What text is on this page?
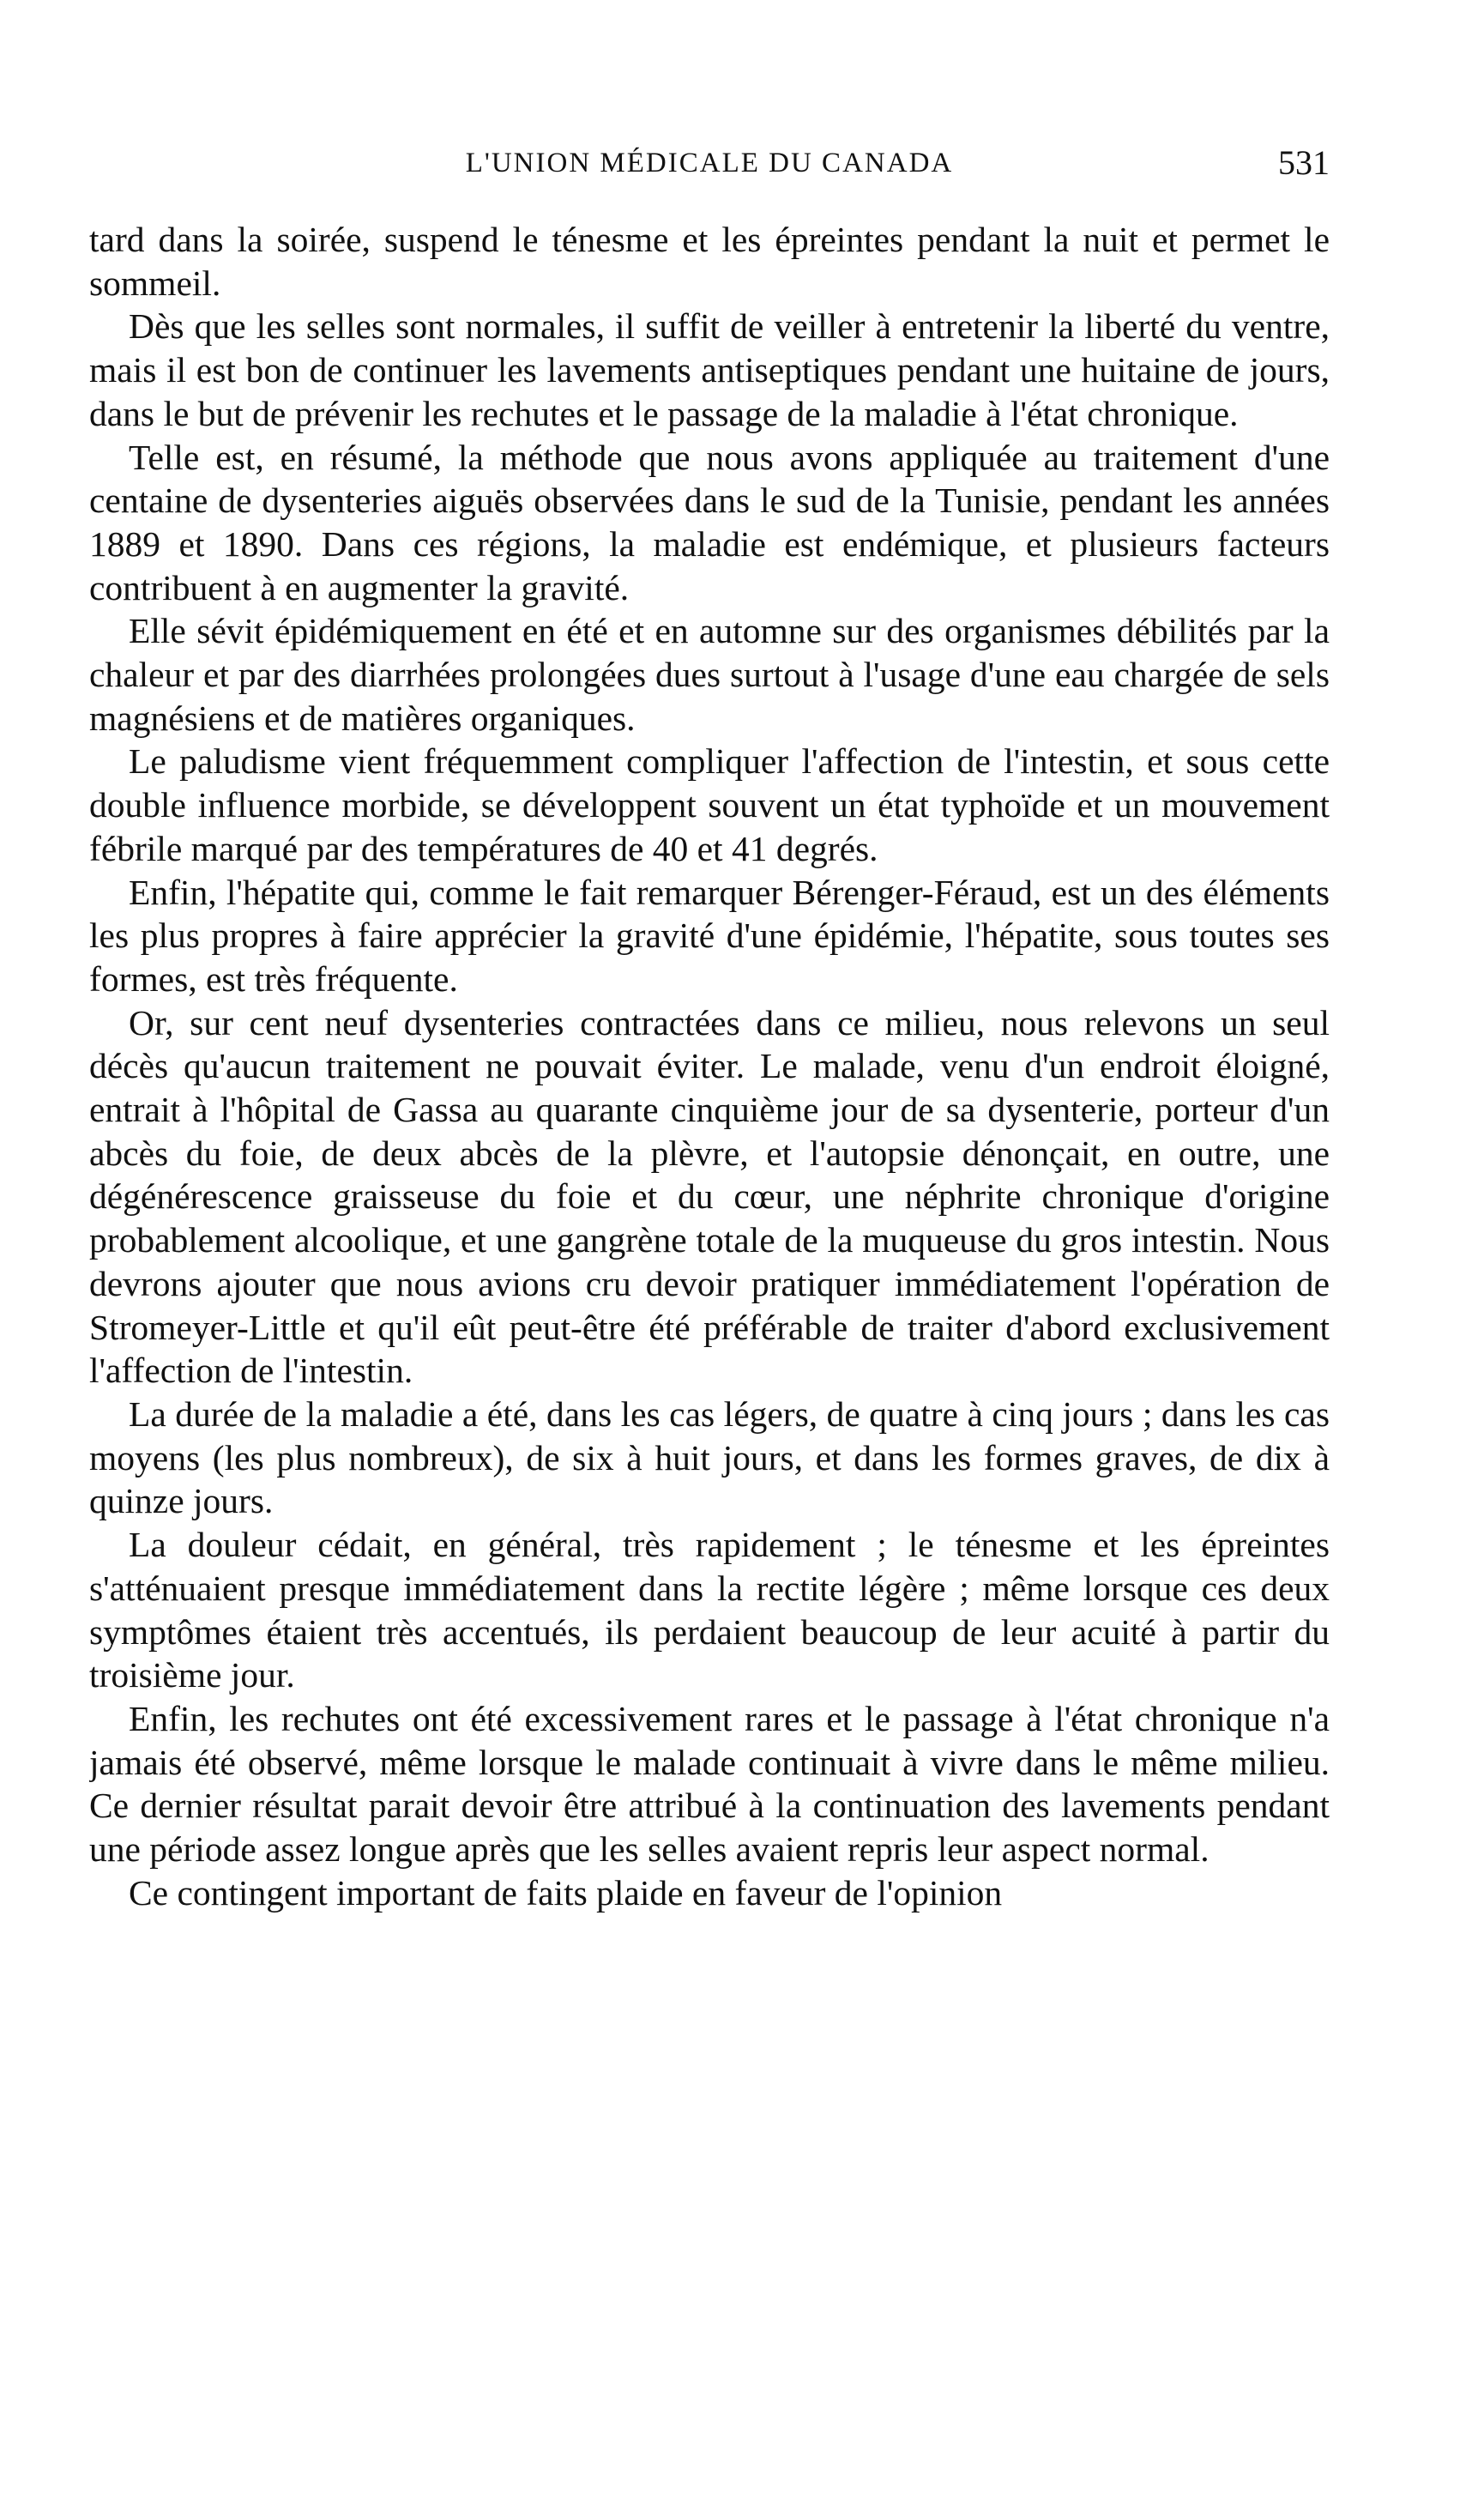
L'UNION MÉDICALE DU CANADA	531

tard dans la soirée, suspend le ténesme et les épreintes pendant la nuit et permet le sommeil.

Dès que les selles sont normales, il suffit de veiller à entretenir la liberté du ventre, mais il est bon de continuer les lavements antiseptiques pendant une huitaine de jours, dans le but de prévenir les rechutes et le passage de la maladie à l'état chronique.

Telle est, en résumé, la méthode que nous avons appliquée au traitement d'une centaine de dysenteries aiguës observées dans le sud de la Tunisie, pendant les années 1889 et 1890. Dans ces régions, la maladie est endémique, et plusieurs facteurs contribuent à en augmenter la gravité.

Elle sévit épidémiquement en été et en automne sur des organismes débilités par la chaleur et par des diarrhées prolongées dues surtout à l'usage d'une eau chargée de sels magnésiens et de matières organiques.

Le paludisme vient fréquemment compliquer l'affection de l'intestin, et sous cette double influence morbide, se développent souvent un état typhoïde et un mouvement fébrile marqué par des températures de 40 et 41 degrés.

Enfin, l'hépatite qui, comme le fait remarquer Bérenger-Féraud, est un des éléments les plus propres à faire apprécier la gravité d'une épidémie, l'hépatite, sous toutes ses formes, est très fréquente.

Or, sur cent neuf dysenteries contractées dans ce milieu, nous relevons un seul décès qu'aucun traitement ne pouvait éviter. Le malade, venu d'un endroit éloigné, entrait à l'hôpital de Gassa au quarante cinquième jour de sa dysenterie, porteur d'un abcès du foie, de deux abcès de la plèvre, et l'autopsie dénonçait, en outre, une dégénérescence graisseuse du foie et du cœur, une néphrite chronique d'origine probablement alcoolique, et une gangrène totale de la muqueuse du gros intestin. Nous devrons ajouter que nous avions cru devoir pratiquer immédiatement l'opération de Stromeyer-Little et qu'il eût peut-être été préférable de traiter d'abord exclusivement l'affection de l'intestin.

La durée de la maladie a été, dans les cas légers, de quatre à cinq jours ; dans les cas moyens (les plus nombreux), de six à huit jours, et dans les formes graves, de dix à quinze jours.

La douleur cédait, en général, très rapidement ; le ténesme et les épreintes s'atténuaient presque immédiatement dans la rectite légère ; même lorsque ces deux symptômes étaient très accentués, ils perdaient beaucoup de leur acuité à partir du troisième jour.

Enfin, les rechutes ont été excessivement rares et le passage à l'état chronique n'a jamais été observé, même lorsque le malade continuait à vivre dans le même milieu. Ce dernier résultat parait devoir être attribué à la continuation des lavements pendant une période assez longue après que les selles avaient repris leur aspect normal.

Ce contingent important de faits plaide en faveur de l'opinion
